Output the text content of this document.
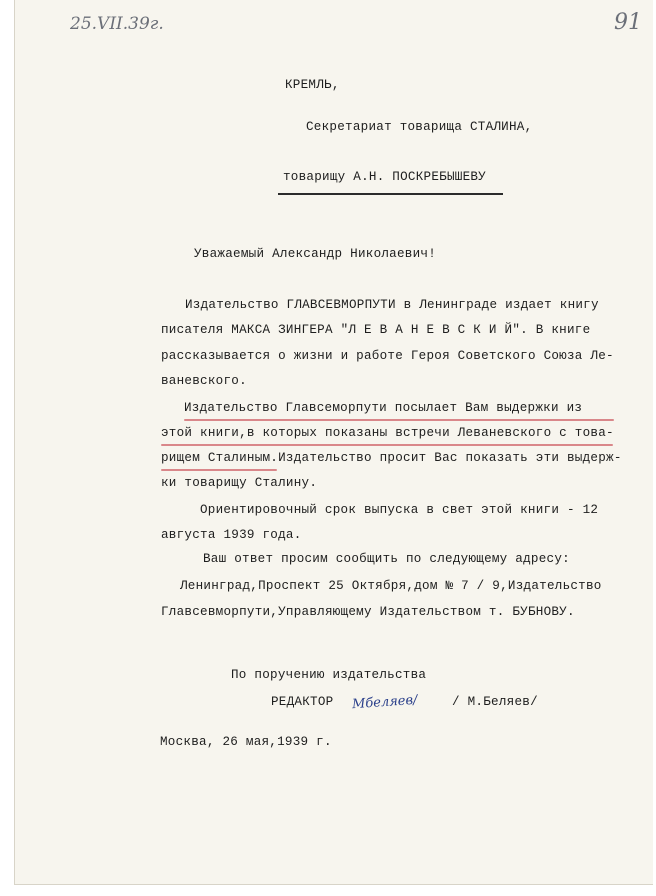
25.VII.39г.	91
КРЕМЛЬ,
Секретариат товарища СТАЛИНА,
товарищу А.Н. ПОСКРЕБЫШЕВУ
Уважаемый Александр Николаевич!
Издательство ГЛАВСЕВМОРПУТИ в Ленинграде издает книгу
писателя МАКСА ЗИНГЕРА "Л Е В А Н Е В С К И Й". В книге
рассказывается о жизни и работе Героя Советского Союза Ле-
ваневского.
Издательство Главсеморпути посылает Вам выдержки из
этой книги,в которых показаны встречи Леваневского с това-
рищем Сталиным.Издательство просит Вас показать эти выдерж-
ки товарищу Сталину.
Ориентировочный срок выпуска в свет этой книги - 12
августа 1939 года.
Ваш ответ просим сообщить по следующему адресу:
Ленинград,Проспект 25 Октября,дом № 7 / 9,Издательство
Главсевморпути,Управляющему Издательством т. БУБНОВУ.
По поручению издательства
РЕДАКТОР Мбеляев/	/ М.Беляев/
Москва, 26 мая,1939 г.
